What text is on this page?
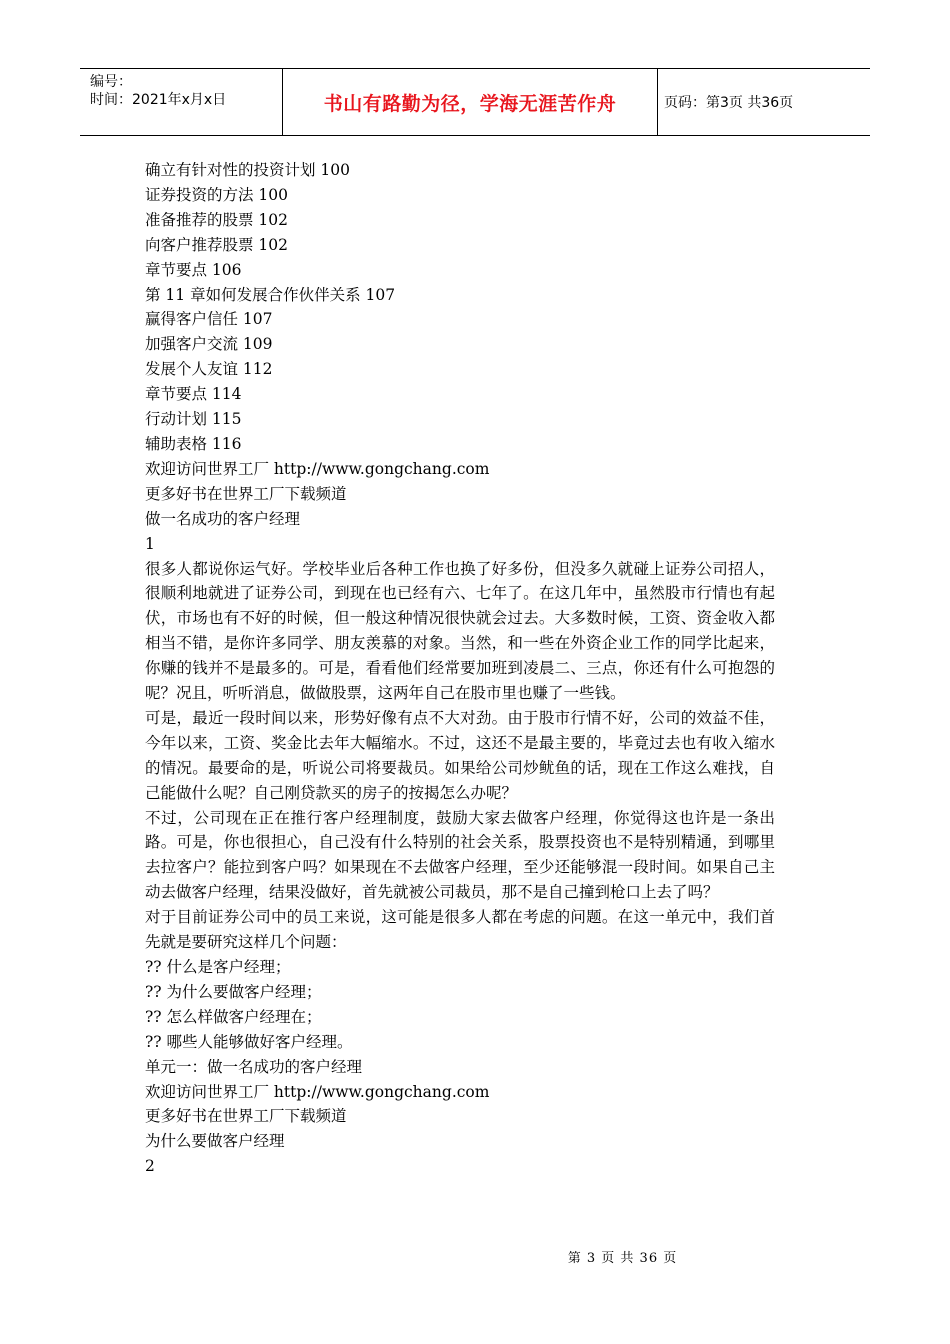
编号：
时间：2021年x月x日	书山有路勤为径，学海无涯苦作舟	页码：第3页 共36页
确立有针对性的投资计划 100
证券投资的方法 100
准备推荐的股票 102
向客户推荐股票 102
章节要点 106
第 11 章如何发展合作伙伴关系 107
赢得客户信任 107
加强客户交流 109
发展个人友谊 112
章节要点 114
行动计划 115
辅助表格 116
欢迎访问世界工厂 http://www.gongchang.com
更多好书在世界工厂下载频道
做一名成功的客户经理
1
很多人都说你运气好。学校毕业后各种工作也换了好多份，但没多久就碰上证券公司招人，很顺利地就进了证券公司，到现在也已经有六、七年了。在这几年中，虽然股市行情也有起伏，市场也有不好的时候，但一般这种情况很快就会过去。大多数时候，工资、资金收入都相当不错，是你许多同学、朋友羡慕的对象。当然，和一些在外资企业工作的同学比起来，你赚的钱并不是最多的。可是，看看他们经常要加班到凌晨二、三点，你还有什么可抱怨的呢？况且，听听消息，做做股票，这两年自己在股市里也赚了一些钱。
可是，最近一段时间以来，形势好像有点不大对劲。由于股市行情不好，公司的效益不佳，今年以来，工资、奖金比去年大幅缩水。不过，这还不是最主要的，毕竟过去也有收入缩水的情况。最要命的是，听说公司将要裁员。如果给公司炒鱿鱼的话，现在工作这么难找，自己能做什么呢？自己刚贷款买的房子的按揭怎么办呢？
不过，公司现在正在推行客户经理制度，鼓励大家去做客户经理，你觉得这也许是一条出路。可是，你也很担心，自己没有什么特别的社会关系，股票投资也不是特别精通，到哪里去拉客户？能拉到客户吗？如果现在不去做客户经理，至少还能够混一段时间。如果自己主动去做客户经理，结果没做好，首先就被公司裁员，那不是自己撞到枪口上去了吗？
对于目前证券公司中的员工来说，这可能是很多人都在考虑的问题。在这一单元中，我们首先就是要研究这样几个问题：
?? 什么是客户经理；
?? 为什么要做客户经理；
?? 怎么样做客户经理在；
?? 哪些人能够做好客户经理。
单元一：做一名成功的客户经理
欢迎访问世界工厂 http://www.gongchang.com
更多好书在世界工厂下载频道
为什么要做客户经理
2
第 3 页 共 36 页
